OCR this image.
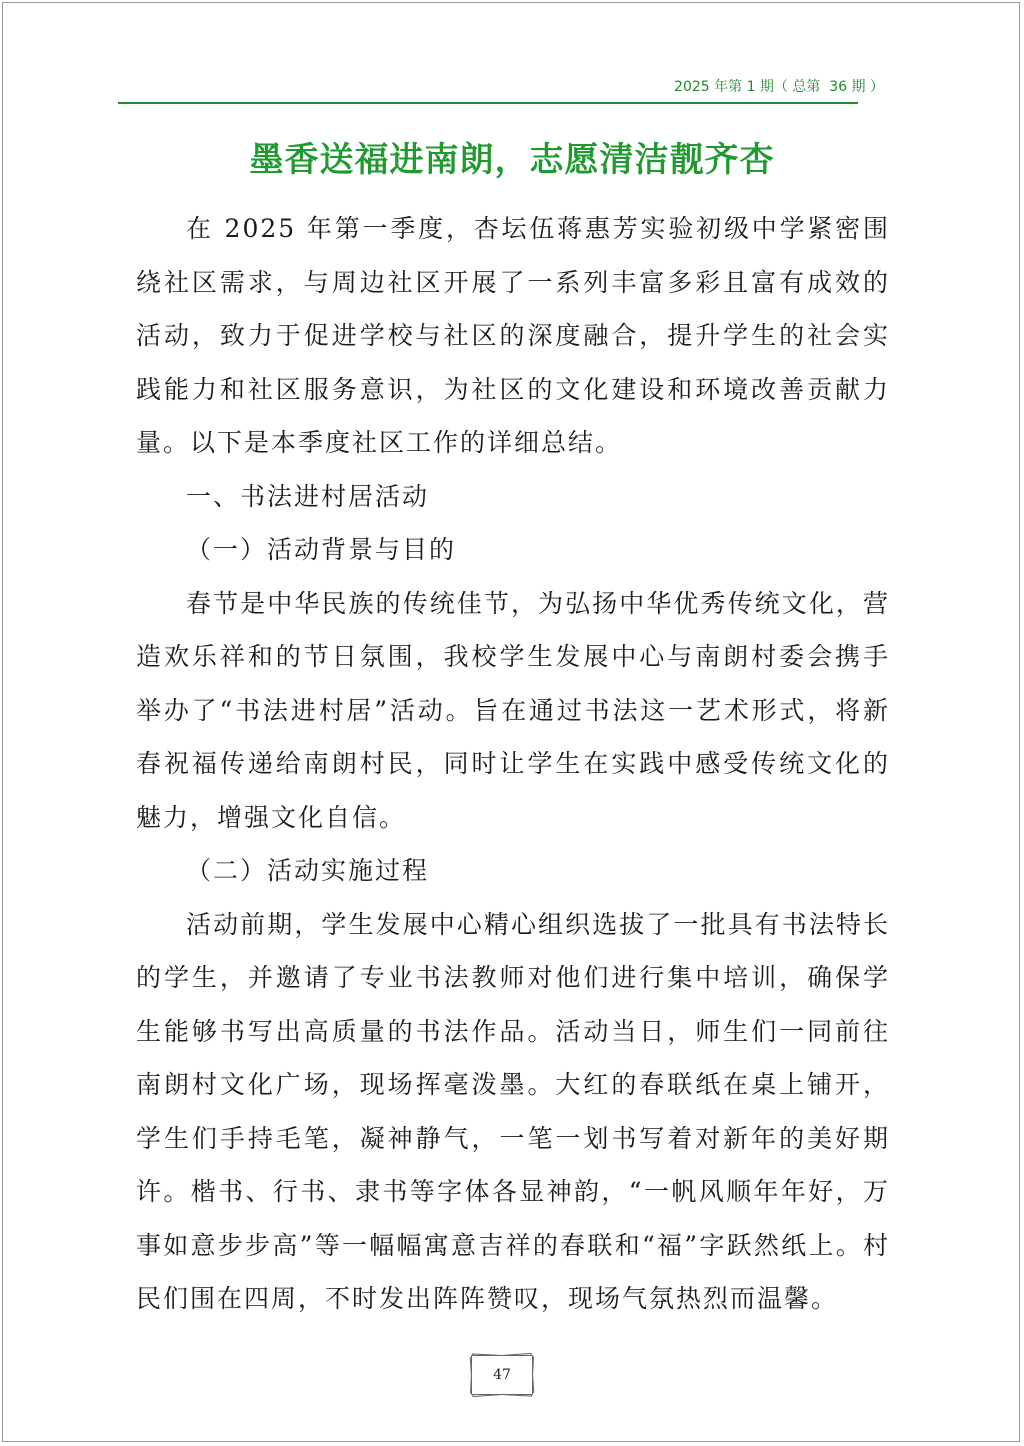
2025 年第 1 期（ 总第  36 期 ）
墨香送福进南朗，志愿清洁靓齐杏

在 2025 年第一季度，杏坛伍蒋惠芳实验初级中学紧密围绕社区需求，与周边社区开展了一系列丰富多彩且富有成效的活动，致力于促进学校与社区的深度融合，提升学生的社会实践能力和社区服务意识，为社区的文化建设和环境改善贡献力量。以下是本季度社区工作的详细总结。

一、书法进村居活动

（一）活动背景与目的

春节是中华民族的传统佳节，为弘扬中华优秀传统文化，营造欢乐祥和的节日氛围，我校学生发展中心与南朗村委会携手举办了“书法进村居”活动。旨在通过书法这一艺术形式，将新春祝福传递给南朗村民，同时让学生在实践中感受传统文化的魅力，增强文化自信。

（二）活动实施过程

活动前期，学生发展中心精心组织选拔了一批具有书法特长的学生，并邀请了专业书法教师对他们进行集中培训，确保学生能够书写出高质量的书法作品。活动当日，师生们一同前往南朗村文化广场，现场挥毫泼墨。大红的春联纸在桌上铺开，学生们手持毛笔，凝神静气，一笔一划书写着对新年的美好期许。楷书、行书、隶书等字体各显神韵，“一帆风顺年年好，万事如意步步高”等一幅幅寓意吉祥的春联和“福”字跃然纸上。村民们围在四周，不时发出阵阵赞叹，现场气氛热烈而温馨。

47
